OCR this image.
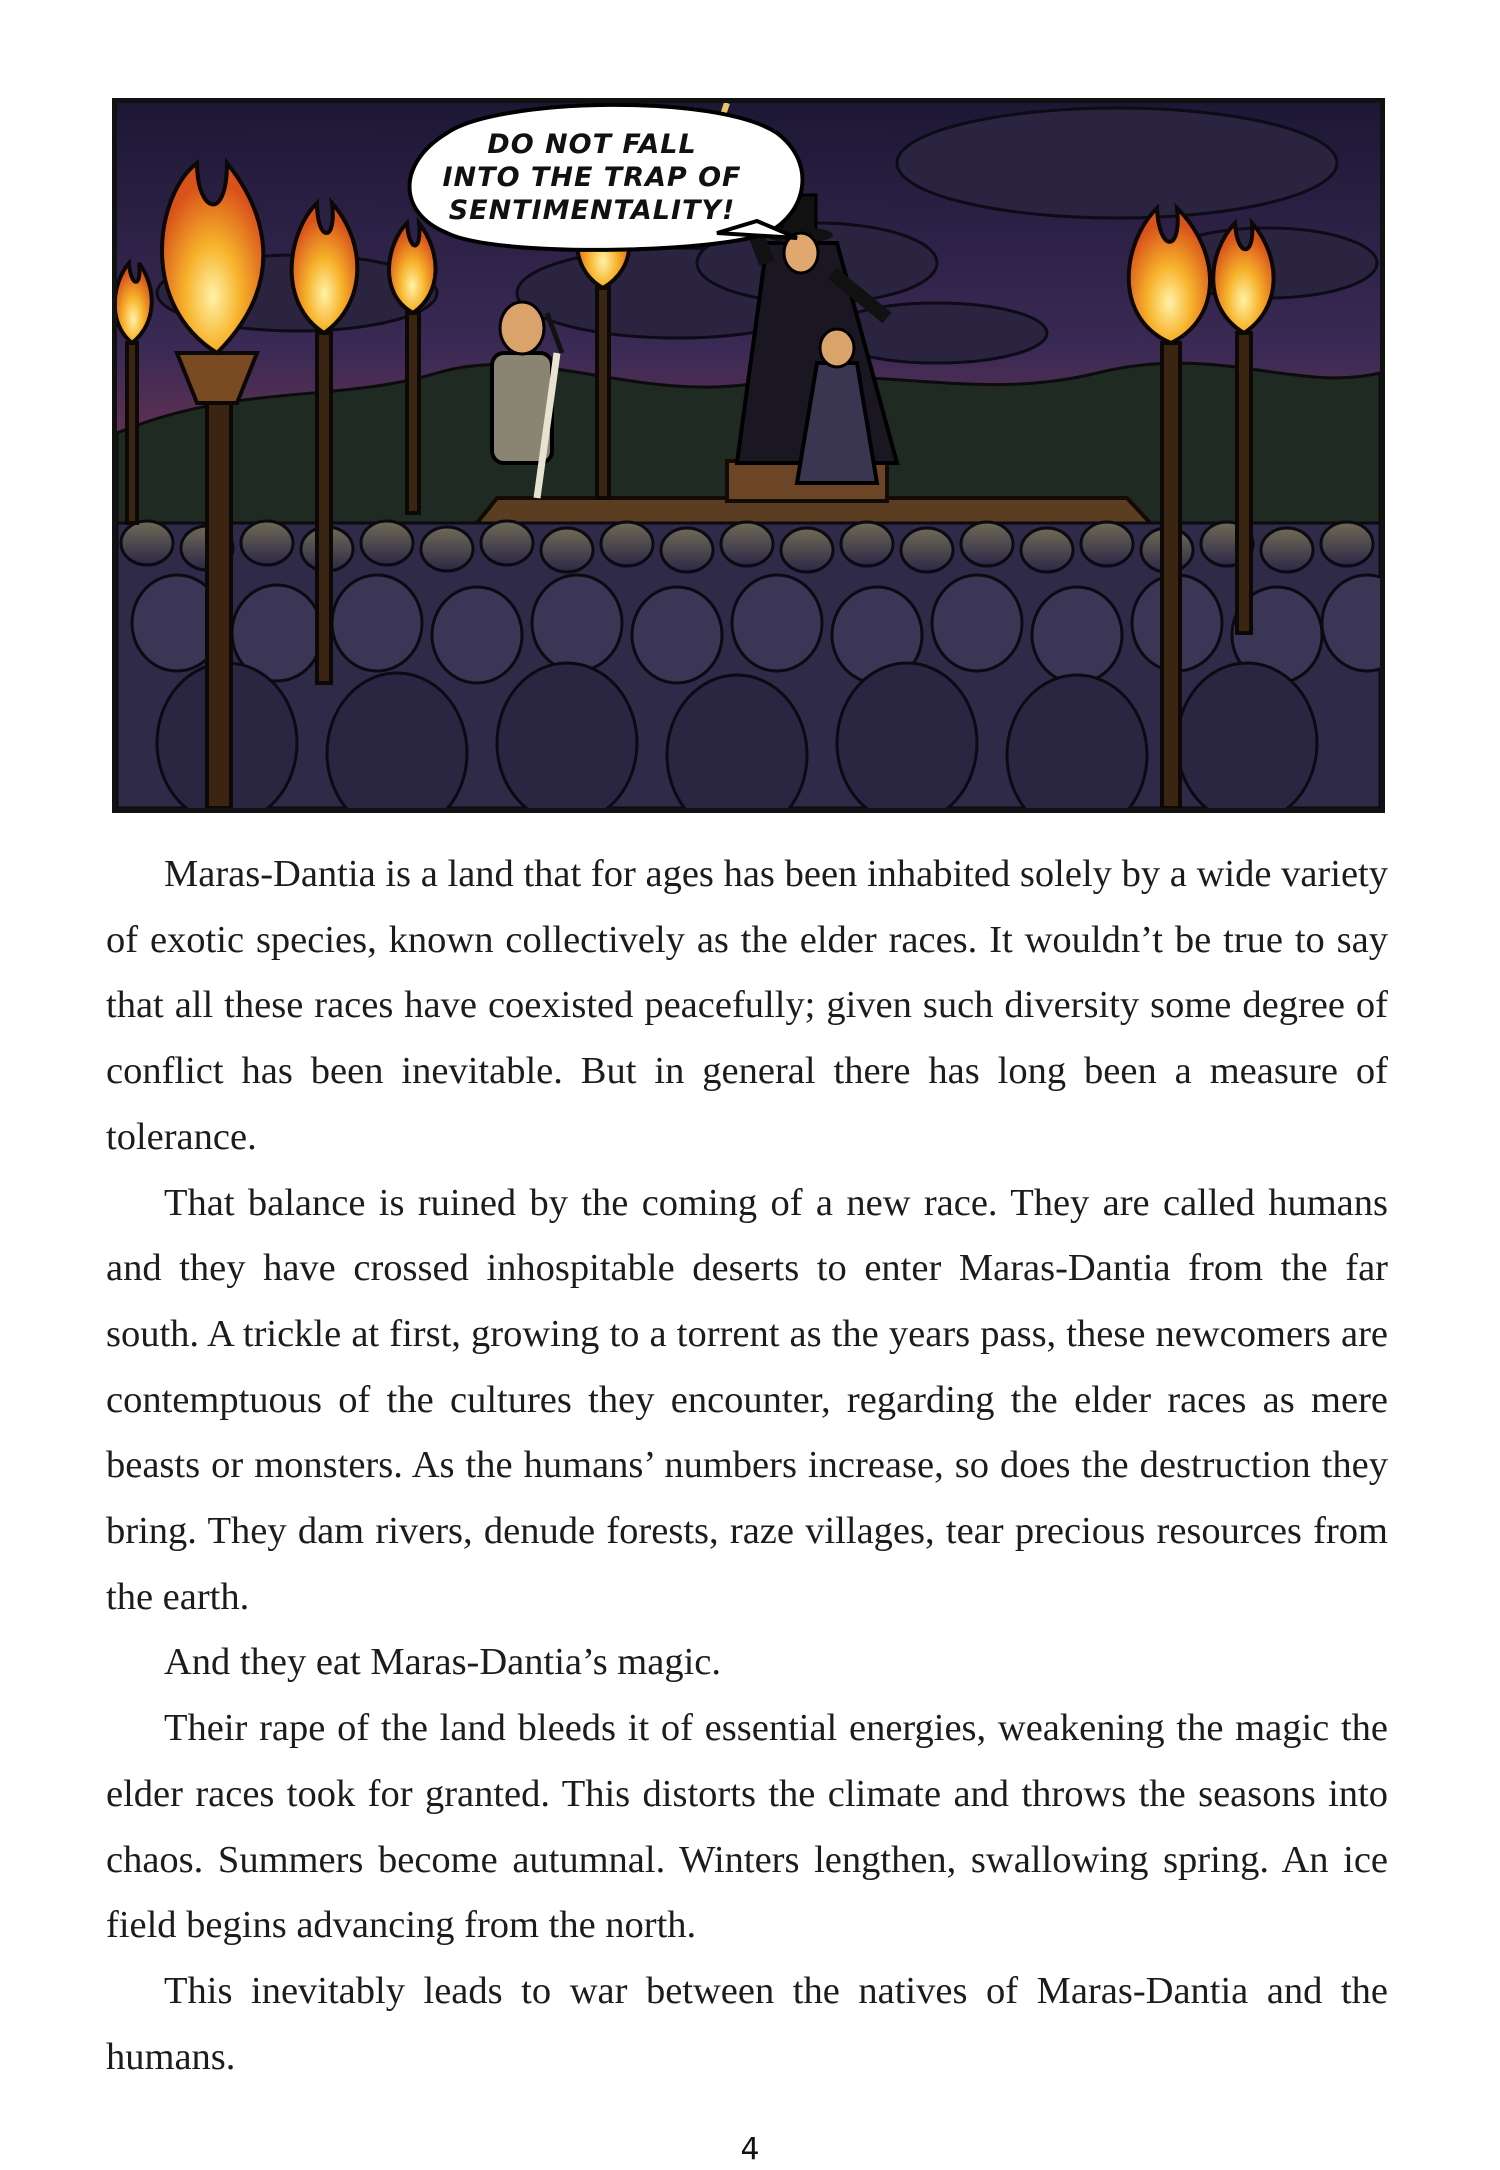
DO NOT FALL
INTO THE TRAP OF
SENTIMENTALITY!

Maras-Dantia is a land that for ages has been inhabited solely by a wide variety of exotic species, known collectively as the elder races. It wouldn’t be true to say that all these races have coexisted peacefully; given such diversity some degree of conflict has been inevitable. But in general there has long been a measure of tolerance.

That balance is ruined by the coming of a new race. They are called humans and they have crossed inhospitable deserts to enter Maras-Dantia from the far south. A trickle at first, growing to a torrent as the years pass, these newcomers are contemptuous of the cultures they encounter, regarding the elder races as mere beasts or monsters. As the humans’ numbers increase, so does the destruction they bring. They dam rivers, denude forests, raze villages, tear precious resources from the earth.

And they eat Maras-Dantia’s magic.

Their rape of the land bleeds it of essential energies, weakening the magic the elder races took for granted. This distorts the climate and throws the seasons into chaos. Summers become autumnal. Winters lengthen, swallowing spring. An ice field begins advancing from the north.

This inevitably leads to war between the natives of Maras-Dantia and the humans.

4
